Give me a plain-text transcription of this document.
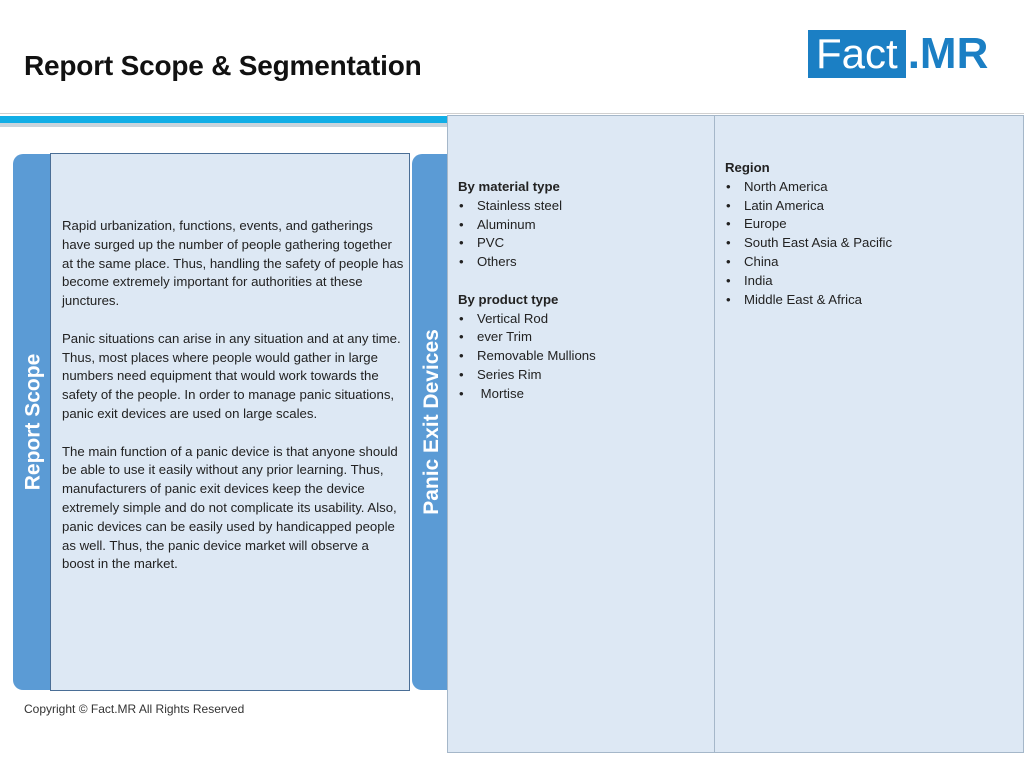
Report Scope & Segmentation	Fact .MR
Report Scope

Rapid urbanization, functions, events, and gatherings have surged up the number of people gathering together at the same place. Thus, handling the safety of people has become extremely important for authorities at these junctures.

Panic situations can arise in any situation and at any time. Thus, most places where people would gather in large numbers need equipment that would work towards the safety of the people. In order to manage panic situations, panic exit devices are used on large scales.

The main function of a panic device is that anyone should be able to use it easily without any prior learning. Thus, manufacturers of panic exit devices keep the device extremely simple and do not complicate its usability. Also, panic devices can be easily used by handicapped people as well. Thus, the panic device market will observe a boost in the market.

Panic Exit Devices
By material type
• Stainless steel
• Aluminum
• PVC
• Others
By product type
• Vertical Rod
• ever Trim
• Removable Mullions
• Series Rim
•  Mortise
Region
• North America
• Latin America
• Europe
• South East Asia & Pacific
• China
• India
• Middle East & Africa
Copyright © Fact.MR All Rights Reserved
